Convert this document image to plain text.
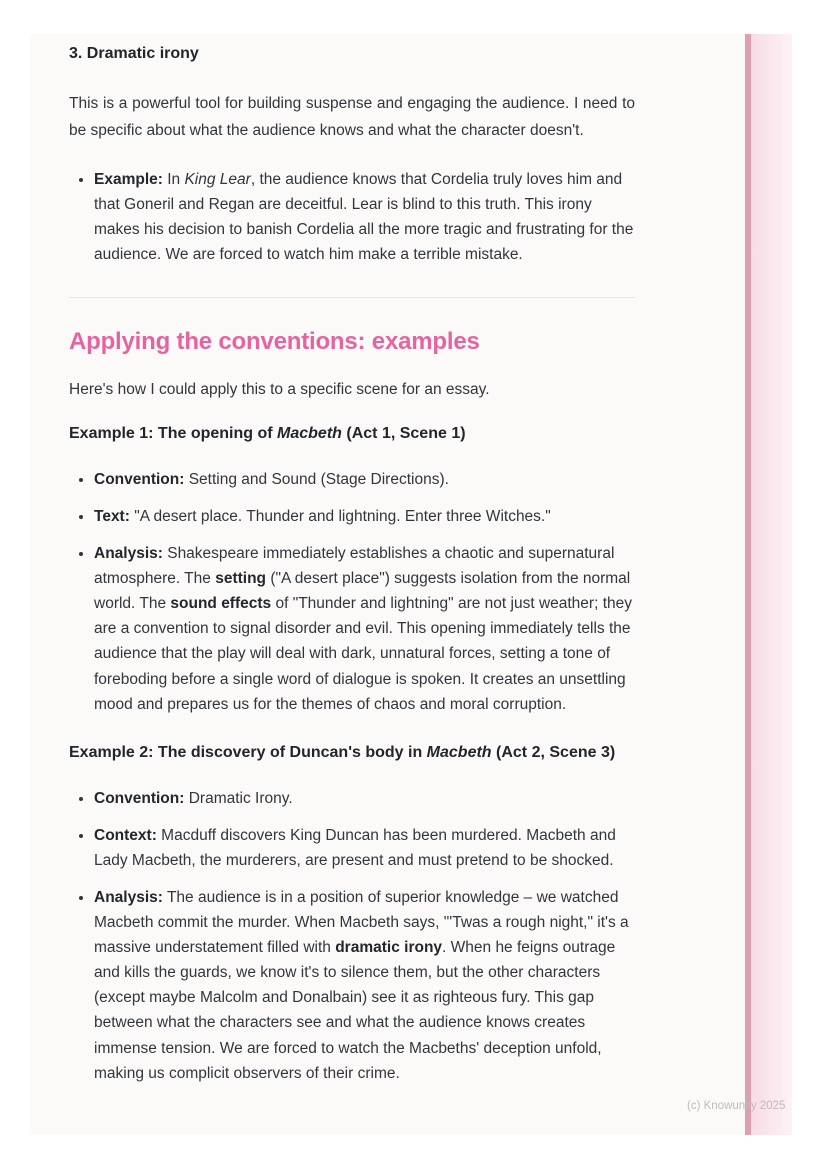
3. Dramatic irony

This is a powerful tool for building suspense and engaging the audience. I need to be specific about what the audience knows and what the character doesn't.

• Example: In King Lear, the audience knows that Cordelia truly loves him and that Goneril and Regan are deceitful. Lear is blind to this truth. This irony makes his decision to banish Cordelia all the more tragic and frustrating for the audience. We are forced to watch him make a terrible mistake.
Applying the conventions: examples

Here's how I could apply this to a specific scene for an essay.

Example 1: The opening of Macbeth (Act 1, Scene 1)
• Convention: Setting and Sound (Stage Directions).
• Text: "A desert place. Thunder and lightning. Enter three Witches."
• Analysis: Shakespeare immediately establishes a chaotic and supernatural atmosphere. The setting ("A desert place") suggests isolation from the normal world. The sound effects of "Thunder and lightning" are not just weather; they are a convention to signal disorder and evil. This opening immediately tells the audience that the play will deal with dark, unnatural forces, setting a tone of foreboding before a single word of dialogue is spoken. It creates an unsettling mood and prepares us for the themes of chaos and moral corruption.
Example 2: The discovery of Duncan's body in Macbeth (Act 2, Scene 3)
• Convention: Dramatic Irony.
• Context: Macduff discovers King Duncan has been murdered. Macbeth and Lady Macbeth, the murderers, are present and must pretend to be shocked.
• Analysis: The audience is in a position of superior knowledge – we watched Macbeth commit the murder. When Macbeth says, "'Twas a rough night," it's a massive understatement filled with dramatic irony. When he feigns outrage and kills the guards, we know it's to silence them, but the other characters (except maybe Malcolm and Donalbain) see it as righteous fury. This gap between what the characters see and what the audience knows creates immense tension. We are forced to watch the Macbeths' deception unfold, making us complicit observers of their crime.
(c) Knowunity 2025
